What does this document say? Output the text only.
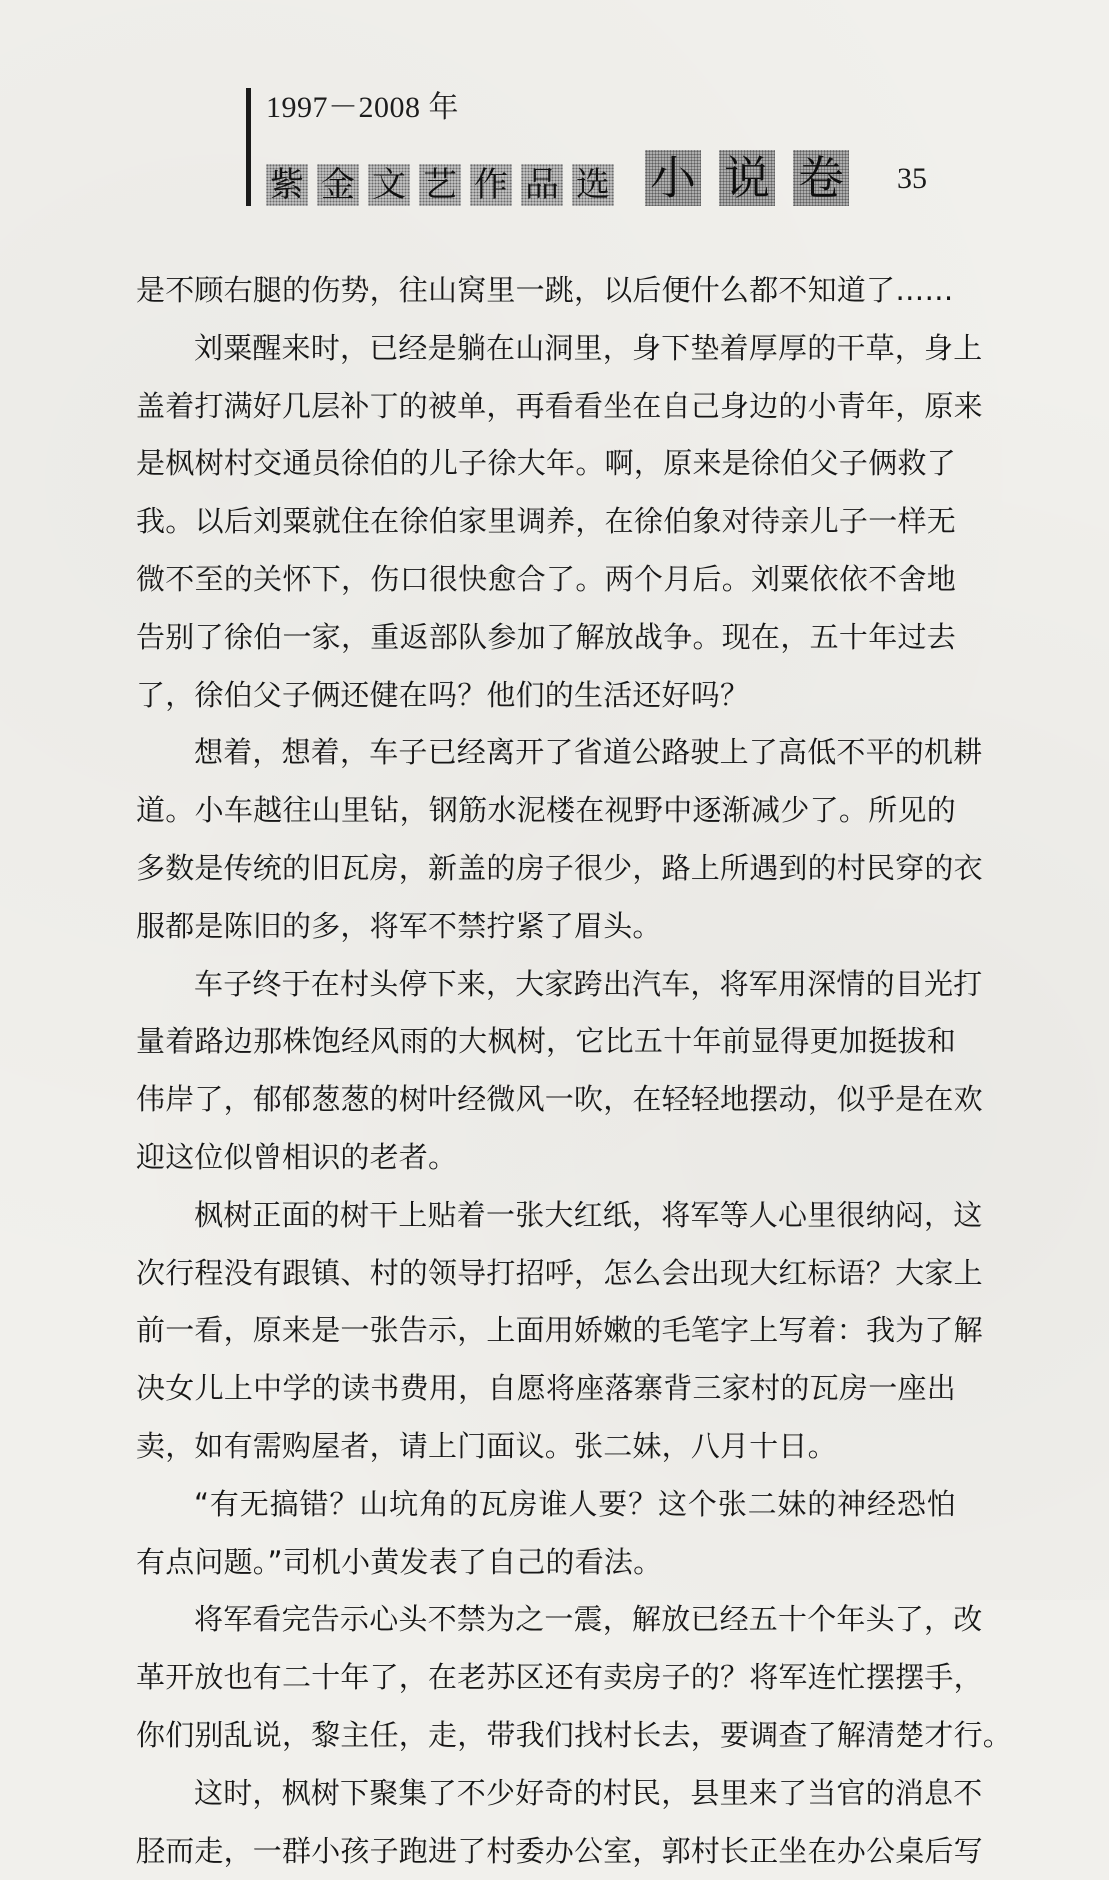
1997－2008 年
紫 金 文 艺 作 品 选 小 说 卷 35
是不顾右腿的伤势，往山窝里一跳，以后便什么都不知道了……
刘粟醒来时，已经是躺在山洞里，身下垫着厚厚的干草，身上
盖着打满好几层补丁的被单，再看看坐在自己身边的小青年，原来
是枫树村交通员徐伯的儿子徐大年。啊，原来是徐伯父子俩救了
我。以后刘粟就住在徐伯家里调养，在徐伯象对待亲儿子一样无
微不至的关怀下，伤口很快愈合了。两个月后。刘粟依依不舍地
告别了徐伯一家，重返部队参加了解放战争。现在，五十年过去
了，徐伯父子俩还健在吗？他们的生活还好吗？
想着，想着，车子已经离开了省道公路驶上了高低不平的机耕
道。小车越往山里钻，钢筋水泥楼在视野中逐渐减少了。所见的
多数是传统的旧瓦房，新盖的房子很少，路上所遇到的村民穿的衣
服都是陈旧的多，将军不禁拧紧了眉头。
车子终于在村头停下来，大家跨出汽车，将军用深情的目光打
量着路边那株饱经风雨的大枫树，它比五十年前显得更加挺拔和
伟岸了，郁郁葱葱的树叶经微风一吹，在轻轻地摆动，似乎是在欢
迎这位似曾相识的老者。
枫树正面的树干上贴着一张大红纸，将军等人心里很纳闷，这
次行程没有跟镇、村的领导打招呼，怎么会出现大红标语？大家上
前一看，原来是一张告示，上面用娇嫩的毛笔字上写着：我为了解
决女儿上中学的读书费用，自愿将座落寨背三家村的瓦房一座出
卖，如有需购屋者，请上门面议。张二妹，八月十日。
“有无搞错？山坑角的瓦房谁人要？这个张二妹的神经恐怕
有点问题。”司机小黄发表了自己的看法。
将军看完告示心头不禁为之一震，解放已经五十个年头了，改
革开放也有二十年了，在老苏区还有卖房子的？将军连忙摆摆手，
你们别乱说，黎主任，走，带我们找村长去，要调查了解清楚才行。
这时，枫树下聚集了不少好奇的村民，县里来了当官的消息不
胫而走，一群小孩子跑进了村委办公室，郭村长正坐在办公桌后写
